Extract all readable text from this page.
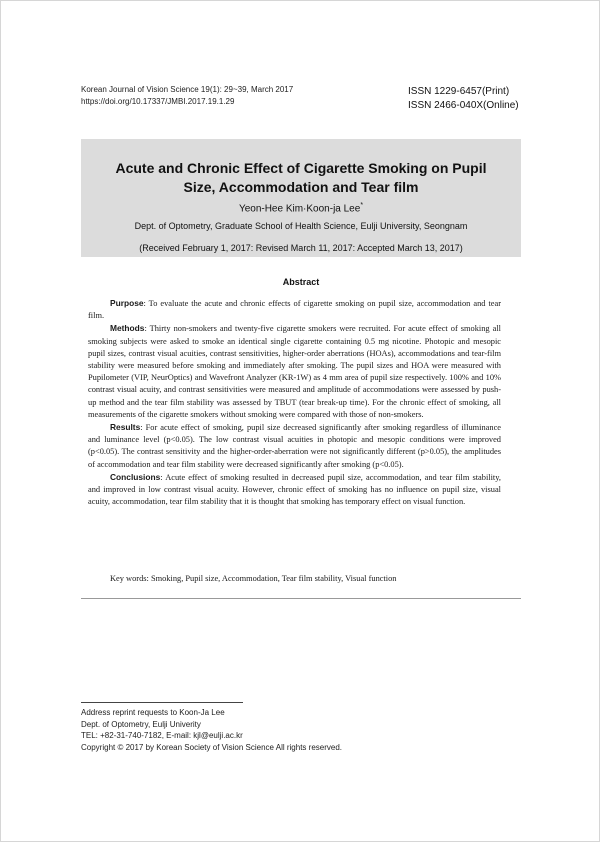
Korean Journal of Vision Science 19(1): 29~39, March 2017
https://doi.org/10.17337/JMBI.2017.19.1.29
ISSN 1229-6457(Print)
ISSN 2466-040X(Online)
Acute and Chronic Effect of Cigarette Smoking on Pupil
Size, Accommodation and Tear film
Yeon-Hee Kim·Koon-ja Lee*
Dept. of Optometry, Graduate School of Health Science, Eulji University, Seongnam
(Received February 1, 2017: Revised March 11, 2017: Accepted March 13, 2017)
Abstract

Purpose: To evaluate the acute and chronic effects of cigarette smoking on pupil size, accommodation and tear film.

Methods: Thirty non-smokers and twenty-five cigarette smokers were recruited. For acute effect of smoking all smoking subjects were asked to smoke an identical single cigarette containing 0.5 mg nicotine. Photopic and mesopic pupil sizes, contrast visual acuities, contrast sensitivities, higher-order aberrations (HOAs), accommodations and tear-film stability were measured before smoking and immediately after smoking. The pupil sizes and HOA were measured with Pupilometer (VIP, NeurOptics) and Wavefront Analyzer (KR-1W) as 4 mm area of pupil size respectively. 100% and 10% contrast visual acuity, and contrast sensitivities were measured and amplitude of accommodations were assessed by push-up method and the tear film stability was assessed by TBUT (tear break-up time). For the chronic effect of smoking, all measurements of the cigarette smokers without smoking were compared with those of non-smokers.

Results: For acute effect of smoking, pupil size decreased significantly after smoking regardless of illuminance and luminance level (p<0.05). The low contrast visual acuities in photopic and mesopic conditions were improved (p<0.05). The contrast sensitivity and the higher-order-aberration were not significantly different (p>0.05), the amplitudes of accommodation and tear film stability were decreased significantly after smoking (p<0.05).

Conclusions: Acute effect of smoking resulted in decreased pupil size, accommodation, and tear film stability, and improved in low contrast visual acuity. However, chronic effect of smoking has no influence on pupil size, visual acuity, accommodation, tear film stability that it is thought that smoking has temporary effect on visual function.

Key words: Smoking, Pupil size, Accommodation, Tear film stability, Visual function
Address reprint requests to Koon-Ja Lee
Dept. of Optometry, Eulji Univerity
TEL: +82-31-740-7182, E-mail: kjl@eulji.ac.kr
Copyright © 2017 by Korean Society of Vision Science All rights reserved.
